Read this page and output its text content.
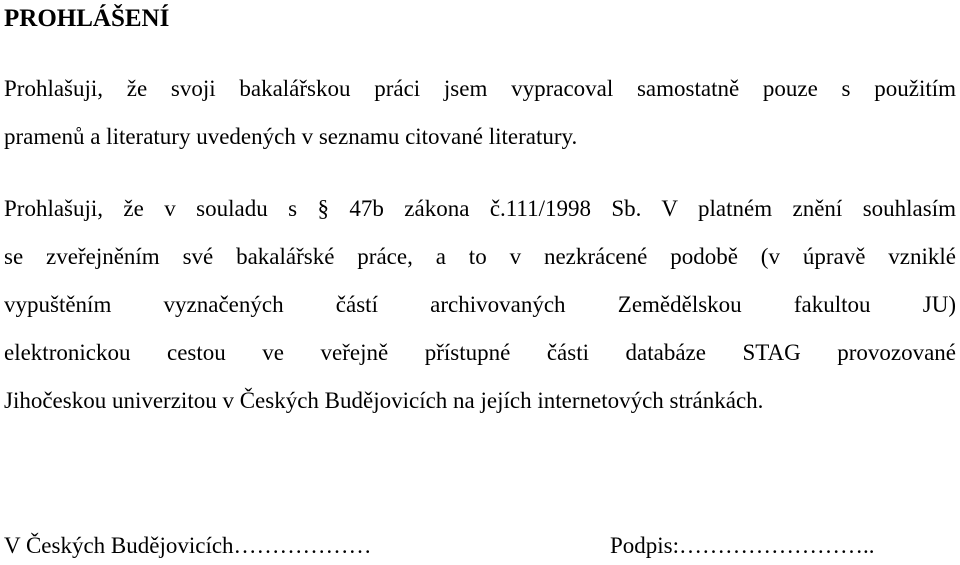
PROHLÁŠENÍ
Prohlašuji, že svoji bakalářskou práci jsem vypracoval samostatně pouze s použitím
pramenů a literatury uvedených v seznamu citované literatury.
Prohlašuji, že v souladu s § 47b zákona č.111/1998 Sb. V platném znění souhlasím
se zveřejněním své bakalářské práce, a to v nezkrácené podobě (v úpravě vzniklé
vypuštěním vyznačených částí archivovaných Zemědělskou fakultou JU)
elektronickou cestou ve veřejně přístupné části databáze STAG provozované
Jihočeskou univerzitou v Českých Budějovicích na jejích internetových stránkách.
V Českých Budějovicích………………	Podpis:……………………..
